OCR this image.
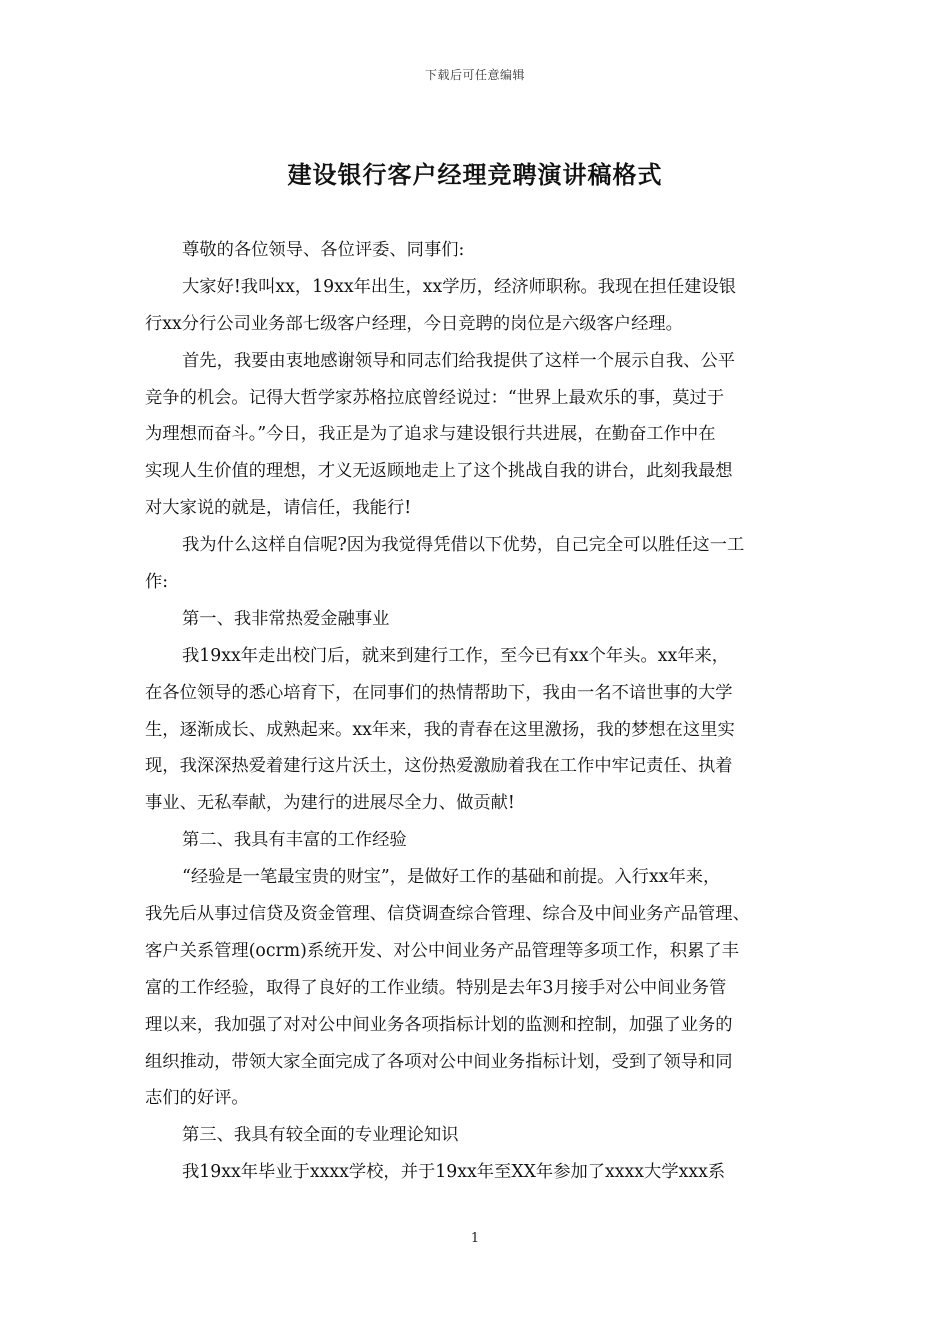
下载后可任意编辑
建设银行客户经理竞聘演讲稿格式
尊敬的各位领导、各位评委、同事们:
大家好!我叫xx，19xx年出生，xx学历，经济师职称。我现在担任建设银
行xx分行公司业务部七级客户经理，今日竞聘的岗位是六级客户经理。
首先，我要由衷地感谢领导和同志们给我提供了这样一个展示自我、公平
竞争的机会。记得大哲学家苏格拉底曾经说过：“世界上最欢乐的事，莫过于
为理想而奋斗。”今日，我正是为了追求与建设银行共进展，在勤奋工作中在
实现人生价值的理想，才义无返顾地走上了这个挑战自我的讲台，此刻我最想
对大家说的就是，请信任，我能行!
我为什么这样自信呢?因为我觉得凭借以下优势，自己完全可以胜任这一工
作:
第一、我非常热爱金融事业
我19xx年走出校门后，就来到建行工作，至今已有xx个年头。xx年来，
在各位领导的悉心培育下，在同事们的热情帮助下，我由一名不谙世事的大学
生，逐渐成长、成熟起来。xx年来，我的青春在这里激扬，我的梦想在这里实
现，我深深热爱着建行这片沃土，这份热爱激励着我在工作中牢记责任、执着
事业、无私奉献，为建行的进展尽全力、做贡献!
第二、我具有丰富的工作经验
“经验是一笔最宝贵的财宝”，是做好工作的基础和前提。入行xx年来，
我先后从事过信贷及资金管理、信贷调查综合管理、综合及中间业务产品管理、
客户关系管理(ocrm)系统开发、对公中间业务产品管理等多项工作，积累了丰
富的工作经验，取得了良好的工作业绩。特别是去年3月接手对公中间业务管
理以来，我加强了对对公中间业务各项指标计划的监测和控制，加强了业务的
组织推动，带领大家全面完成了各项对公中间业务指标计划，受到了领导和同
志们的好评。
第三、我具有较全面的专业理论知识
我19xx年毕业于xxxx学校，并于19xx年至XX年参加了xxxx大学xxx系
1
